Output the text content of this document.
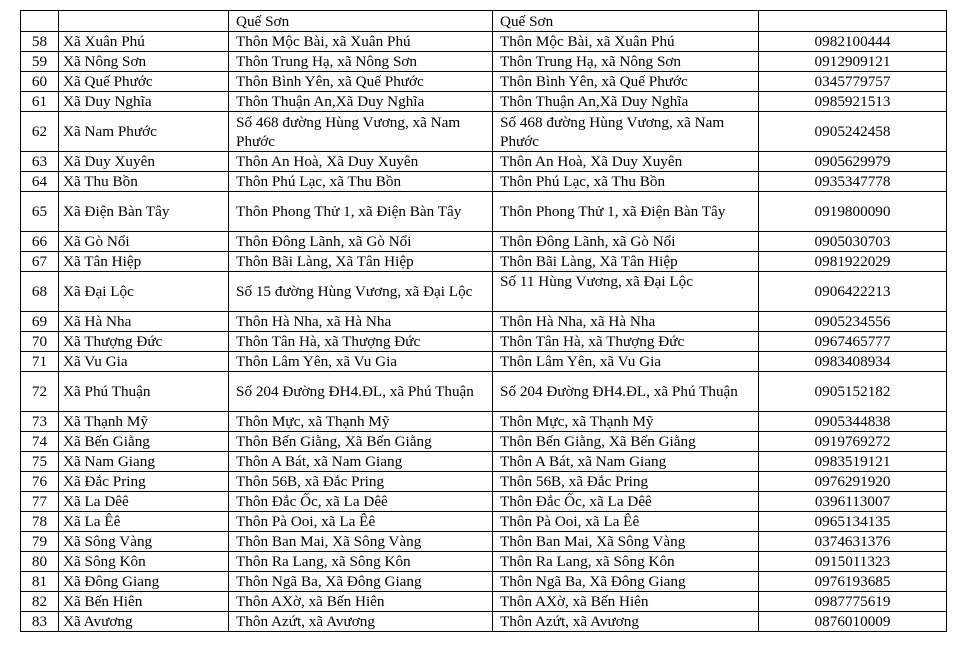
		Quế Sơn	Quế Sơn	
58	Xã Xuân Phú	Thôn Mộc Bài, xã Xuân Phú	Thôn Mộc Bài, xã Xuân Phú	0982100444
59	Xã Nông Sơn	Thôn Trung Hạ, xã Nông Sơn	Thôn Trung Hạ, xã Nông Sơn	0912909121
60	Xã Quế Phước	Thôn Bình Yên, xã Quế Phước	Thôn Bình Yên, xã Quế Phước	0345779757
61	Xã Duy Nghĩa	Thôn Thuận An,Xã Duy Nghĩa	Thôn Thuận An,Xã Duy Nghĩa	0985921513
62	Xã Nam Phước	Số 468 đường Hùng Vương, xã Nam Phước	Số 468 đường Hùng Vương, xã Nam Phước	0905242458
63	Xã Duy Xuyên	Thôn An Hoà, Xã Duy Xuyên	Thôn An Hoà, Xã Duy Xuyên	0905629979
64	Xã Thu Bồn	Thôn Phú Lạc, xã Thu Bồn	Thôn Phú Lạc, xã Thu Bồn	0935347778
65	Xã Điện Bàn Tây	Thôn Phong Thử 1, xã Điện Bàn Tây	Thôn Phong Thử 1, xã Điện Bàn Tây	0919800090
66	Xã Gò Nổi	Thôn Đông Lãnh, xã Gò Nổi	Thôn Đông Lãnh, xã Gò Nổi	0905030703
67	Xã Tân Hiệp	Thôn Bãi Làng, Xã Tân Hiệp	Thôn Bãi Làng, Xã Tân Hiệp	0981922029
68	Xã Đại Lộc	Số 15 đường Hùng Vương, xã Đại Lộc	Số 11 Hùng Vương, xã Đại Lộc	0906422213
69	Xã Hà Nha	Thôn Hà Nha, xã Hà Nha	Thôn Hà Nha, xã Hà Nha	0905234556
70	Xã Thượng Đức	Thôn Tân Hà, xã Thượng Đức	Thôn Tân Hà, xã Thượng Đức	0967465777
71	Xã Vu Gia	Thôn Lâm Yên, xã Vu Gia	Thôn Lâm Yên, xã Vu Gia	0983408934
72	Xã Phú Thuận	Số 204 Đường ĐH4.ĐL, xã Phú Thuận	Số 204 Đường ĐH4.ĐL, xã Phú Thuận	0905152182
73	Xã Thạnh Mỹ	Thôn Mực, xã Thạnh Mỹ	Thôn Mực, xã Thạnh Mỹ	0905344838
74	Xã Bến Giằng	Thôn Bến Giằng, Xã Bến Giằng	Thôn Bến Giằng, Xã Bến Giằng	0919769272
75	Xã Nam Giang	Thôn A Bát, xã Nam Giang	Thôn A Bát, xã Nam Giang	0983519121
76	Xã Đắc Pring	Thôn 56B, xã Đắc Pring	Thôn 56B, xã Đắc Pring	0976291920
77	Xã La Dêê	Thôn Đắc Ốc, xã La Dêê	Thôn Đắc Ốc, xã La Dêê	0396113007
78	Xã La Êê	Thôn Pà Ooi, xã La Êê	Thôn Pà Ooi, xã La Êê	0965134135
79	Xã Sông Vàng	Thôn Ban Mai, Xã Sông Vàng	Thôn Ban Mai, Xã Sông Vàng	0374631376
80	Xã Sông Kôn	Thôn Ra Lang, xã Sông Kôn	Thôn Ra Lang, xã Sông Kôn	0915011323
81	Xã Đông Giang	Thôn Ngã Ba, Xã Đông Giang	Thôn Ngã Ba, Xã Đông Giang	0976193685
82	Xã Bến Hiên	Thôn AXờ, xã Bến Hiên	Thôn AXờ, xã Bến Hiên	0987775619
83	Xã Avương	Thôn Azứt, xã Avương	Thôn Azứt, xã Avương	0876010009
